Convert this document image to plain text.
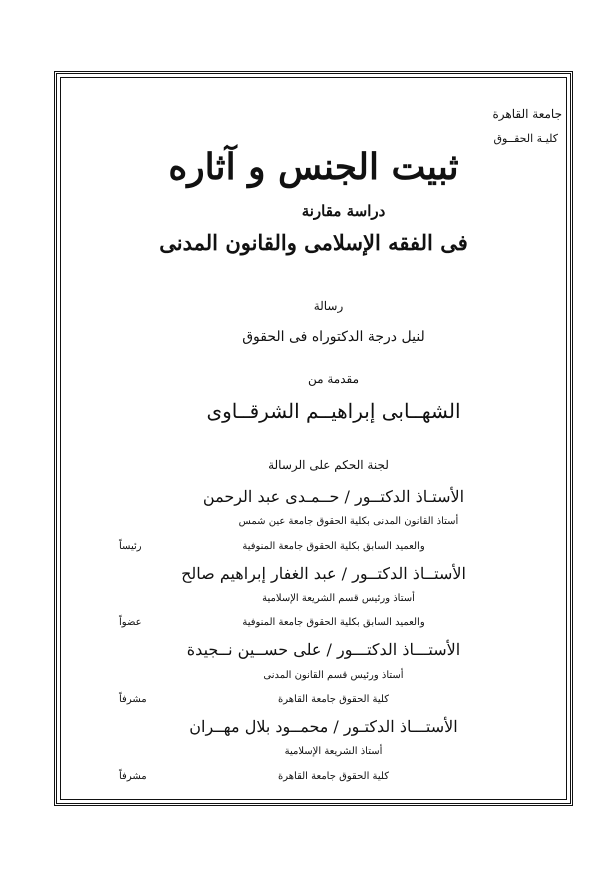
جامعة القاهرة
كليـة الحقــوق
ثبيت الجنس و آثاره
دراسة مقارنة
فى الفقه الإسلامى والقانون المدنى
رسالة
لنيل درجة الدكتوراه فى الحقوق
مقدمة من
الشهــابى إبراهيــم الشرقــاوى
لجنة الحكم على الرسالة
الأستـاذ الدكتــور / حــمـدى عبد الرحمن
أستاذ القانون المدنى بكلية الحقوق جامعة عين شمس
والعميد السابق بكلية الحقوق جامعة المنوفية
رئيساً
الأستــاذ الدكتــور / عبد الغفار إبراهيم صالح
أستاذ ورئيس قسم الشريعة الإسلامية
والعميد السابق بكلية الحقوق جامعة المنوفية
عضواً
الأستـــاذ الدكتـــور / على حســين نــجيدة
أستاذ ورئيس قسم القانون المدنى
كلية الحقوق جامعة القاهرة
مشرفاً
الأستـــاذ الدكتـور / محمــود بلال مهــران
أستاذ الشريعة الإسلامية
كلية الحقوق جامعة القاهرة
مشرفاً
